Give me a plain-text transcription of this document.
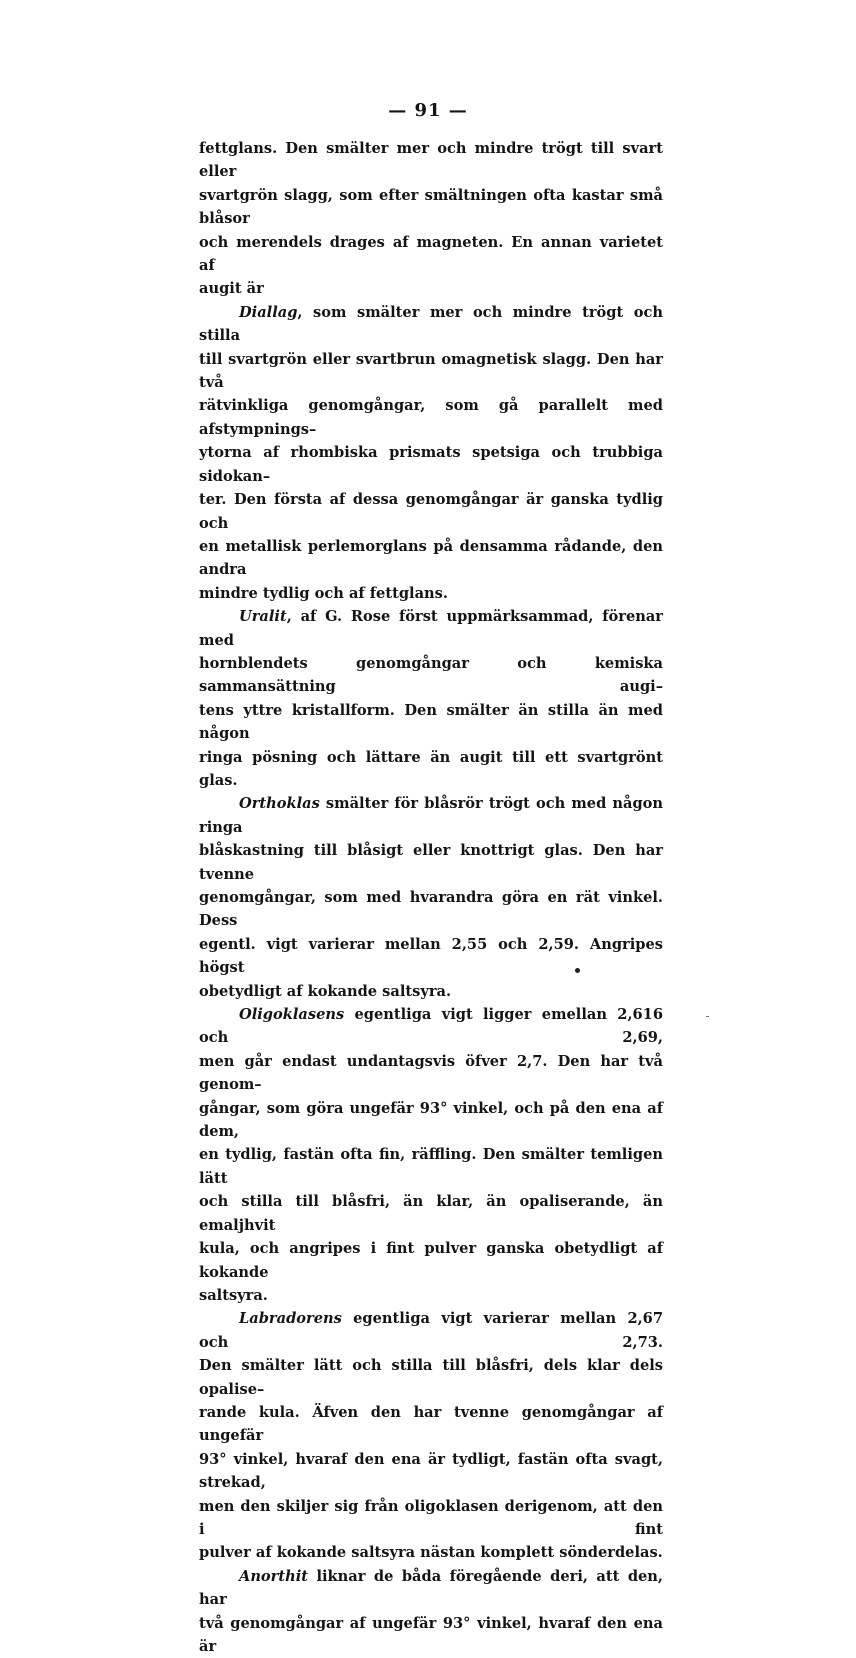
— 91 —

fettglans. Den smälter mer och mindre trögt till svart eller

svartgrön slagg, som efter smältningen ofta kastar små blåsor

och merendels drages af magneten. En annan varietet af

augit är

Diallag, som smälter mer och mindre trögt och stilla

till svartgrön eller svartbrun omagnetisk slagg. Den har två

rätvinkliga genomgångar, som gå parallelt med afstympnings–

ytorna af rhombiska prismats spetsiga och trubbiga sidokan–

ter. Den första af dessa genomgångar är ganska tydlig och

en metallisk perlemorglans på densamma rådande, den andra

mindre tydlig och af fettglans.

Uralit, af G. Rose först uppmärksammad, förenar med

hornblendets genomgångar och kemiska sammansättning augi–

tens yttre kristallform. Den smälter än stilla än med någon

ringa pösning och lättare än augit till ett svartgrönt glas.

Orthoklas smälter för blåsrör trögt och med någon ringa

blåskastning till blåsigt eller knottrigt glas. Den har tvenne

genomgångar, som med hvarandra göra en rät vinkel. Dess

egentl. vigt varierar mellan 2,55 och 2,59. Angripes högst

obetydligt af kokande saltsyra.

Oligoklasens egentliga vigt ligger emellan 2,616 och 2,69,

men går endast undantagsvis öfver 2,7. Den har två genom–

gångar, som göra ungefär 93° vinkel, och på den ena af dem,

en tydlig, fastän ofta fin, räffling. Den smälter temligen lätt

och stilla till blåsfri, än klar, än opaliserande, än emaljhvit

kula, och angripes i fint pulver ganska obetydligt af kokande

saltsyra.

Labradorens egentliga vigt varierar mellan 2,67 och 2,73.

Den smälter lätt och stilla till blåsfri, dels klar dels opalise–

rande kula. Äfven den har tvenne genomgångar af ungefär

93° vinkel, hvaraf den ena är tydligt, fastän ofta svagt, strekad,

men den skiljer sig från oligoklasen derigenom, att den i fint

pulver af kokande saltsyra nästan komplett sönderdelas.

Anorthit liknar de båda föregående deri, att den, har

två genomgångar af ungefär 93° vinkel, hvaraf den ena är
